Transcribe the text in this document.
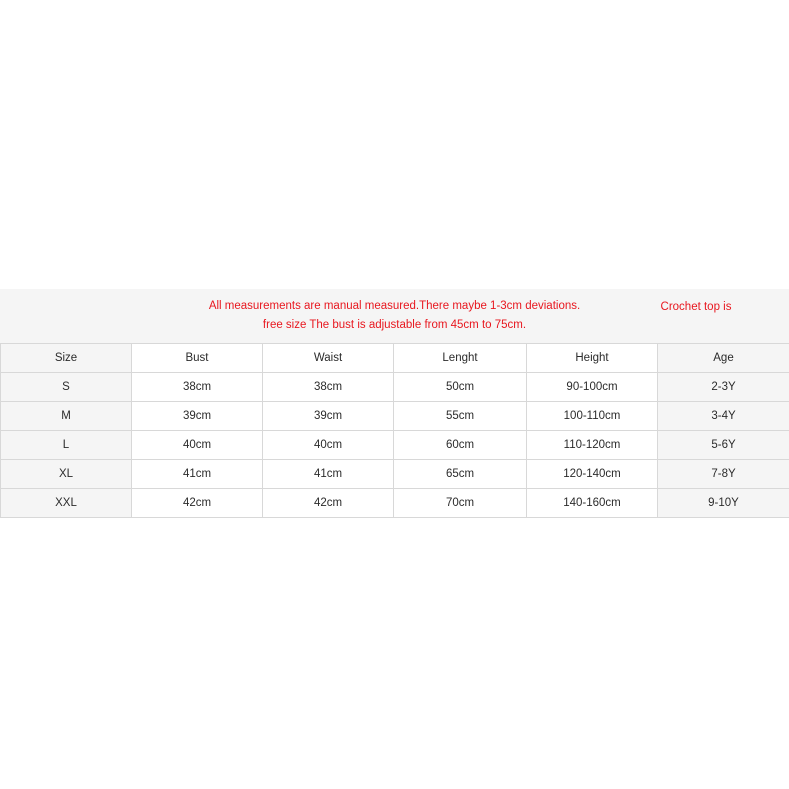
All measurements are manual measured.There maybe 1-3cm deviations.
free size The bust is adjustable from 45cm to 75cm.
Crochet top is
Size	Bust	Waist	Lenght	Height	Age
S	38cm	38cm	50cm	90-100cm	2-3Y
M	39cm	39cm	55cm	100-110cm	3-4Y
L	40cm	40cm	60cm	110-120cm	5-6Y
XL	41cm	41cm	65cm	120-140cm	7-8Y
XXL	42cm	42cm	70cm	140-160cm	9-10Y
